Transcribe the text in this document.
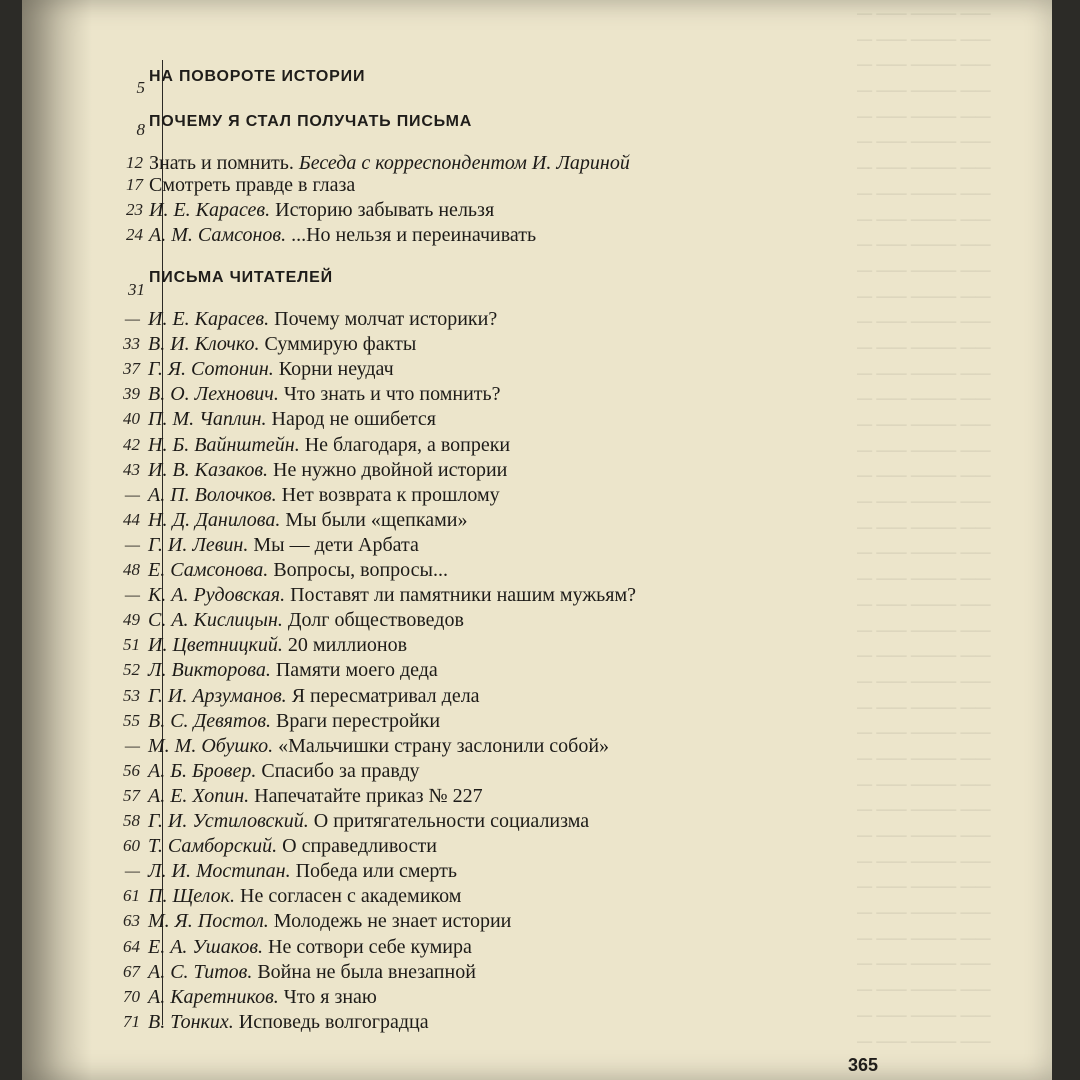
— —— ——— ——
— —— ——— ——
— —— ——— ——
— —— ——— ——
— —— ——— ——
— —— ——— ——
— —— ——— ——
— —— ——— ——
— —— ——— ——
— —— ——— ——
— —— ——— ——
— —— ——— ——
— —— ——— ——
— —— ——— ——
— —— ——— ——
— —— ——— ——
— —— ——— ——
— —— ——— ——
— —— ——— ——
— —— ——— ——
— —— ——— ——
— —— ——— ——
— —— ——— ——
— —— ——— ——
— —— ——— ——
— —— ——— ——
— —— ——— ——
— —— ——— ——
— —— ——— ——
— —— ——— ——
— —— ——— ——
— —— ——— ——
— —— ——— ——
— —— ——— ——
— —— ——— ——
— —— ——— ——
— —— ——— ——
— —— ——— ——
— —— ——— ——
— —— ——— ——
— —— ——— ——
5
НА ПОВОРОТЕ ИСТОРИИ
8 ПОЧЕМУ Я СТАЛ ПОЛУЧАТЬ ПИСЬМА
12 Знать и помнить. Беседа с корреспондентом И. Лариной
17 Смотреть правде в глаза
23 И. Е. Карасев. Историю забывать нельзя
24 А. М. Самсонов. ...Но нельзя и переиначивать
31
ПИСЬМА ЧИТАТЕЛЕЙ
— И. Е. Карасев. Почему молчат историки?
33 В. И. Клочко. Суммирую факты
37 Г. Я. Сотонин. Корни неудач
39 В. О. Лехнович. Что знать и что помнить?
40 П. М. Чаплин. Народ не ошибется
42 Н. Б. Вайнштейн. Не благодаря, а вопреки
43 И. В. Казаков. Не нужно двойной истории
— А. П. Волочков. Нет возврата к прошлому
44 Н. Д. Данилова. Мы были «щепками»
— Г. И. Левин. Мы — дети Арбата
48 Е. Самсонова. Вопросы, вопросы...
— К. А. Рудовская. Поставят ли памятники нашим мужьям?
49 С. А. Кислицын. Долг обществоведов
51 И. Цветницкий. 20 миллионов
52 Л. Викторова. Памяти моего деда
53 Г. И. Арзуманов. Я пересматривал дела
55 В. С. Девятов. Враги перестройки
— М. М. Обушко. «Мальчишки страну заслонили собой»
56 А. Б. Бровер. Спасибо за правду
57 А. Е. Хопин. Напечатайте приказ № 227
58 Г. И. Устиловский. О притягательности социализма
60 Т. Самборский. О справедливости
— Л. И. Мостипан. Победа или смерть
61 П. Щелок. Не согласен с академиком
63 М. Я. Постол. Молодежь не знает истории
64 Е. А. Ушаков. Не сотвори себе кумира
67 А. С. Титов. Война не была внезапной
70 А. Каретников. Что я знаю
71 В. Тонких. Исповедь волгоградца
365
